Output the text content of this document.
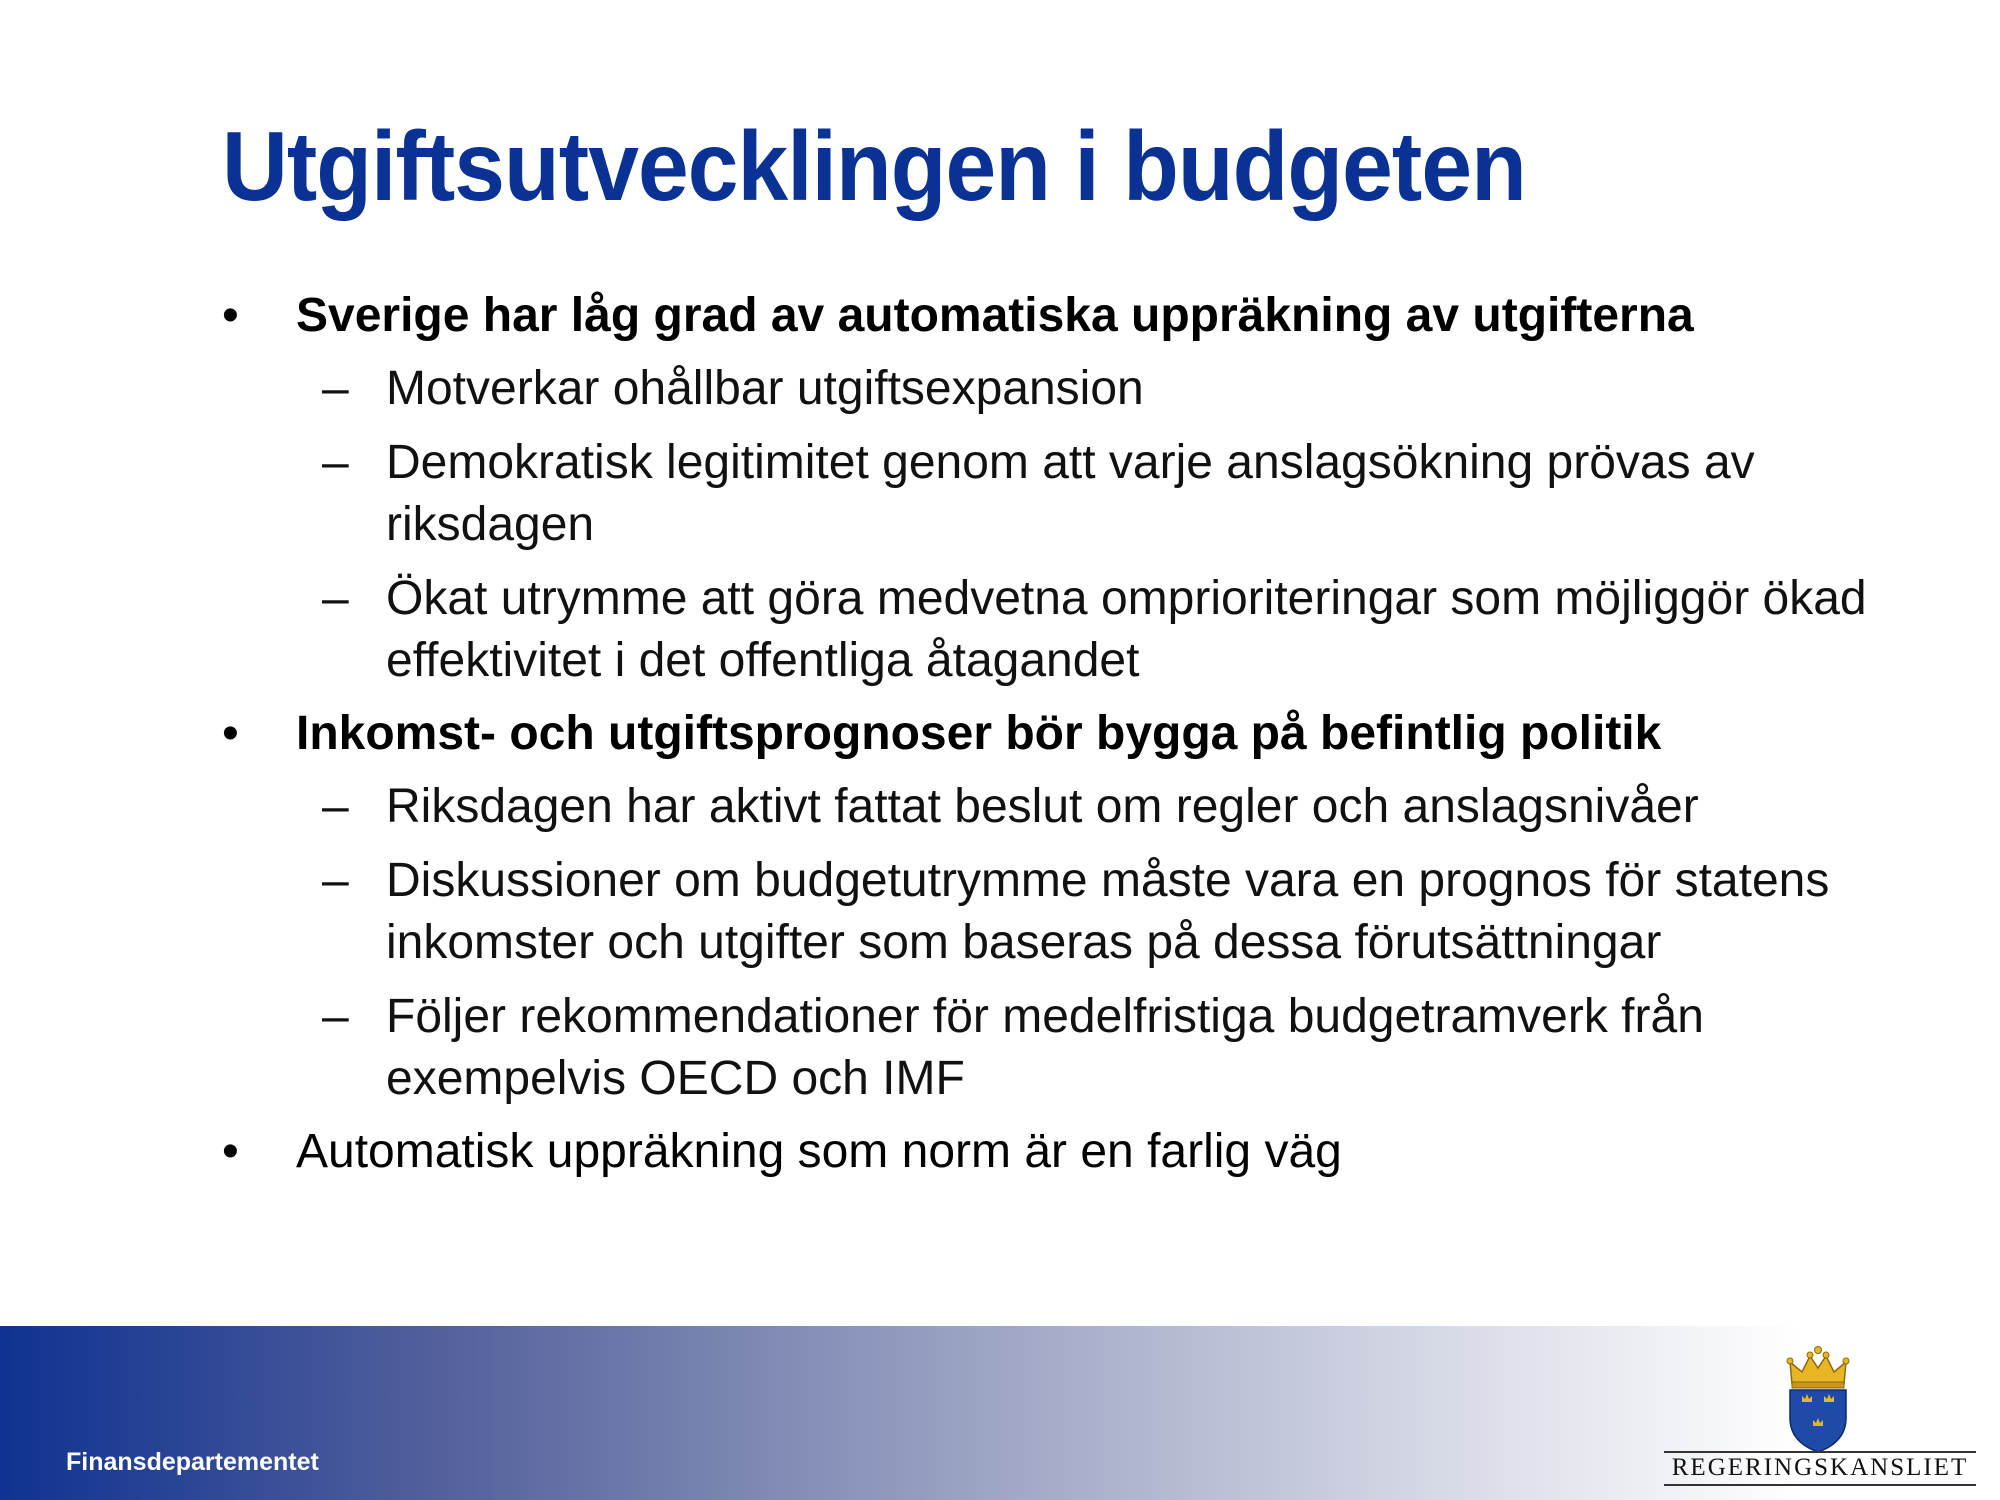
Utgiftsutvecklingen i budgeten
• Sverige har låg grad av automatiska uppräkning av utgifterna
– Motverkar ohållbar utgiftsexpansion
– Demokratisk legitimitet genom att varje anslagsökning prövas av riksdagen
– Ökat utrymme att göra medvetna omprioriteringar som möjliggör ökad effektivitet i det offentliga åtagandet
• Inkomst- och utgiftsprognoser bör bygga på befintlig politik
– Riksdagen har aktivt fattat beslut om regler och anslagsnivåer
– Diskussioner om budgetutrymme måste vara en prognos för statens inkomster och utgifter som baseras på dessa förutsättningar
– Följer rekommendationer för medelfristiga budgetramverk från exempelvis OECD och IMF
• Automatisk uppräkning som norm är en farlig väg
Finansdepartementet	REGERINGSKANSLIET
